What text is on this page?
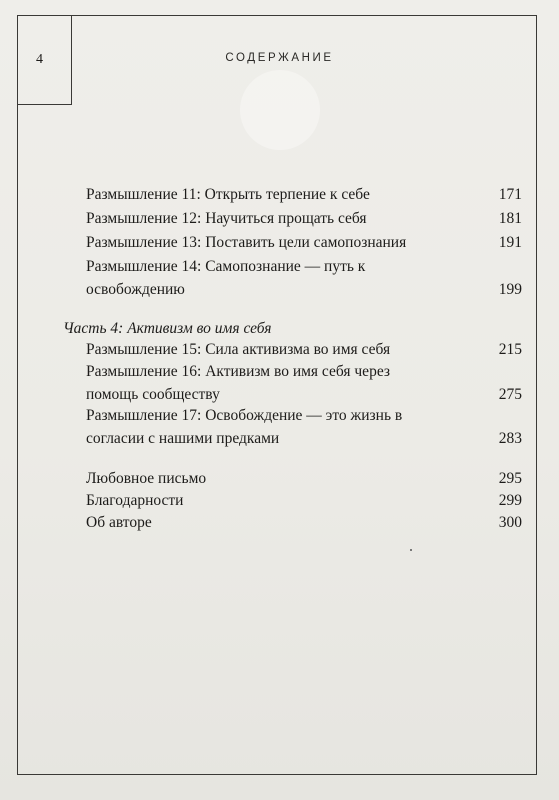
4	СОДЕРЖАНИЕ
Размышление 11: Открыть терпение к себе	171
Размышление 12: Научиться прощать себя	181
Размышление 13: Поставить цели самопознания	191
Размышление 14: Самопознание — путь к освобождению	199
Часть 4: Активизм во имя себя
Размышление 15: Сила активизма во имя себя	215
Размышление 16: Активизм во имя себя через помощь сообществу	275
Размышление 17: Освобождение — это жизнь в согласии с нашими предками	283
Любовное письмо	295
Благодарности	299
Об авторе	300
